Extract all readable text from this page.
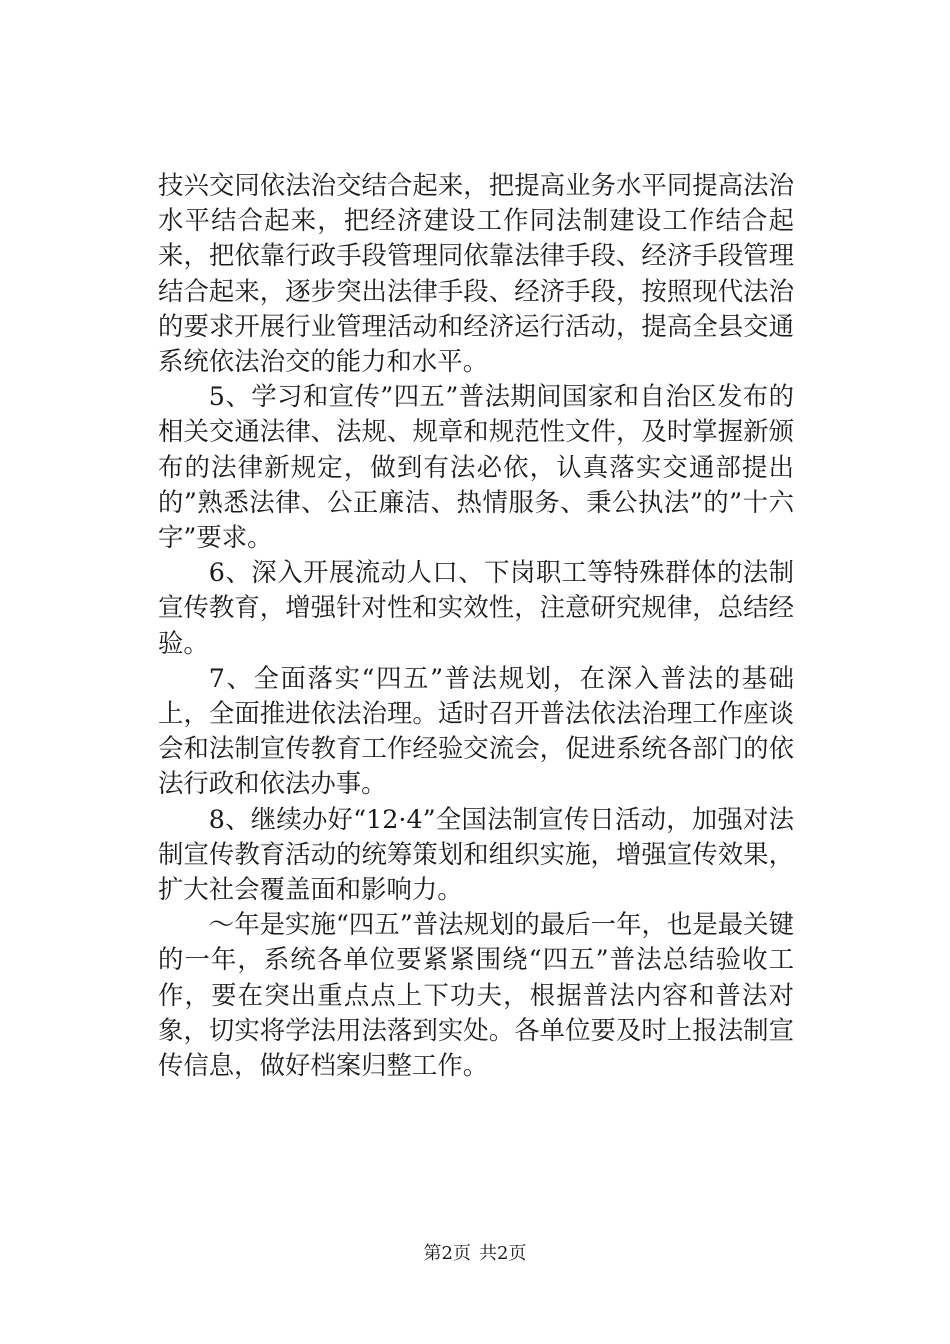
技兴交同依法治交结合起来，把提高业务水平同提高法治水平结合起来，把经济建设工作同法制建设工作结合起来，把依靠行政手段管理同依靠法律手段、经济手段管理结合起来，逐步突出法律手段、经济手段，按照现代法治的要求开展行业管理活动和经济运行活动，提高全县交通系统依法治交的能力和水平。

5、学习和宣传”四五”普法期间国家和自治区发布的相关交通法律、法规、规章和规范性文件，及时掌握新颁布的法律新规定，做到有法必依，认真落实交通部提出的”熟悉法律、公正廉洁、热情服务、秉公执法”的”十六字”要求。

6、深入开展流动人口、下岗职工等特殊群体的法制宣传教育，增强针对性和实效性，注意研究规律，总结经验。

7、全面落实“四五”普法规划，在深入普法的基础上，全面推进依法治理。适时召开普法依法治理工作座谈会和法制宣传教育工作经验交流会，促进系统各部门的依法行政和依法办事。

8、继续办好“12·4”全国法制宣传日活动，加强对法制宣传教育活动的统筹策划和组织实施，增强宣传效果，扩大社会覆盖面和影响力。

～年是实施“四五”普法规划的最后一年，也是最关键的一年，系统各单位要紧紧围绕“四五”普法总结验收工作，要在突出重点点上下功夫，根据普法内容和普法对象，切实将学法用法落到实处。各单位要及时上报法制宣传信息，做好档案归整工作。

第2页 共2页
